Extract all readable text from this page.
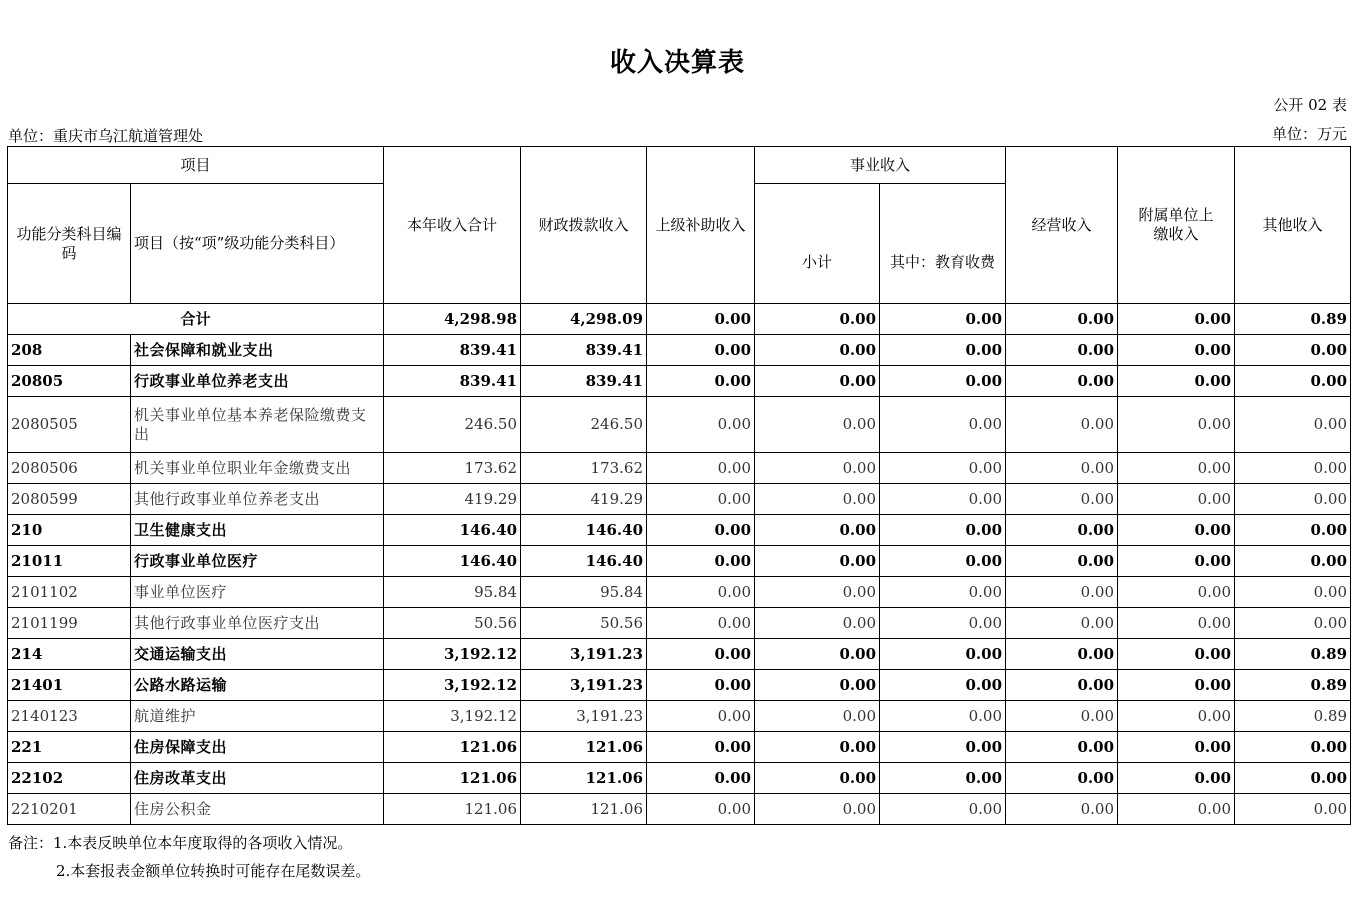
收入决算表
公开 02 表
单位：重庆市乌江航道管理处	单位：万元
项目		本年收入合计	财政拨款收入	上级补助收入	事业收入		经营收入	附属单位上缴收入	其他收入
功能分类科目编码	项目（按“项”级功能分类科目）				小计	其中：教育收费			
合计		4,298.98	4,298.09	0.00	0.00	0.00	0.00	0.00	0.89
208	社会保障和就业支出	839.41	839.41	0.00	0.00	0.00	0.00	0.00	0.00
20805	行政事业单位养老支出	839.41	839.41	0.00	0.00	0.00	0.00	0.00	0.00
2080505	机关事业单位基本养老保险缴费支出	246.50	246.50	0.00	0.00	0.00	0.00	0.00	0.00
2080506	机关事业单位职业年金缴费支出	173.62	173.62	0.00	0.00	0.00	0.00	0.00	0.00
2080599	其他行政事业单位养老支出	419.29	419.29	0.00	0.00	0.00	0.00	0.00	0.00
210	卫生健康支出	146.40	146.40	0.00	0.00	0.00	0.00	0.00	0.00
21011	行政事业单位医疗	146.40	146.40	0.00	0.00	0.00	0.00	0.00	0.00
2101102	事业单位医疗	95.84	95.84	0.00	0.00	0.00	0.00	0.00	0.00
2101199	其他行政事业单位医疗支出	50.56	50.56	0.00	0.00	0.00	0.00	0.00	0.00
214	交通运输支出	3,192.12	3,191.23	0.00	0.00	0.00	0.00	0.00	0.89
21401	公路水路运输	3,192.12	3,191.23	0.00	0.00	0.00	0.00	0.00	0.89
2140123	航道维护	3,192.12	3,191.23	0.00	0.00	0.00	0.00	0.00	0.89
221	住房保障支出	121.06	121.06	0.00	0.00	0.00	0.00	0.00	0.00
22102	住房改革支出	121.06	121.06	0.00	0.00	0.00	0.00	0.00	0.00
2210201	住房公积金	121.06	121.06	0.00	0.00	0.00	0.00	0.00	0.00
备注：1.本表反映单位本年度取得的各项收入情况。
2.本套报表金额单位转换时可能存在尾数误差。
